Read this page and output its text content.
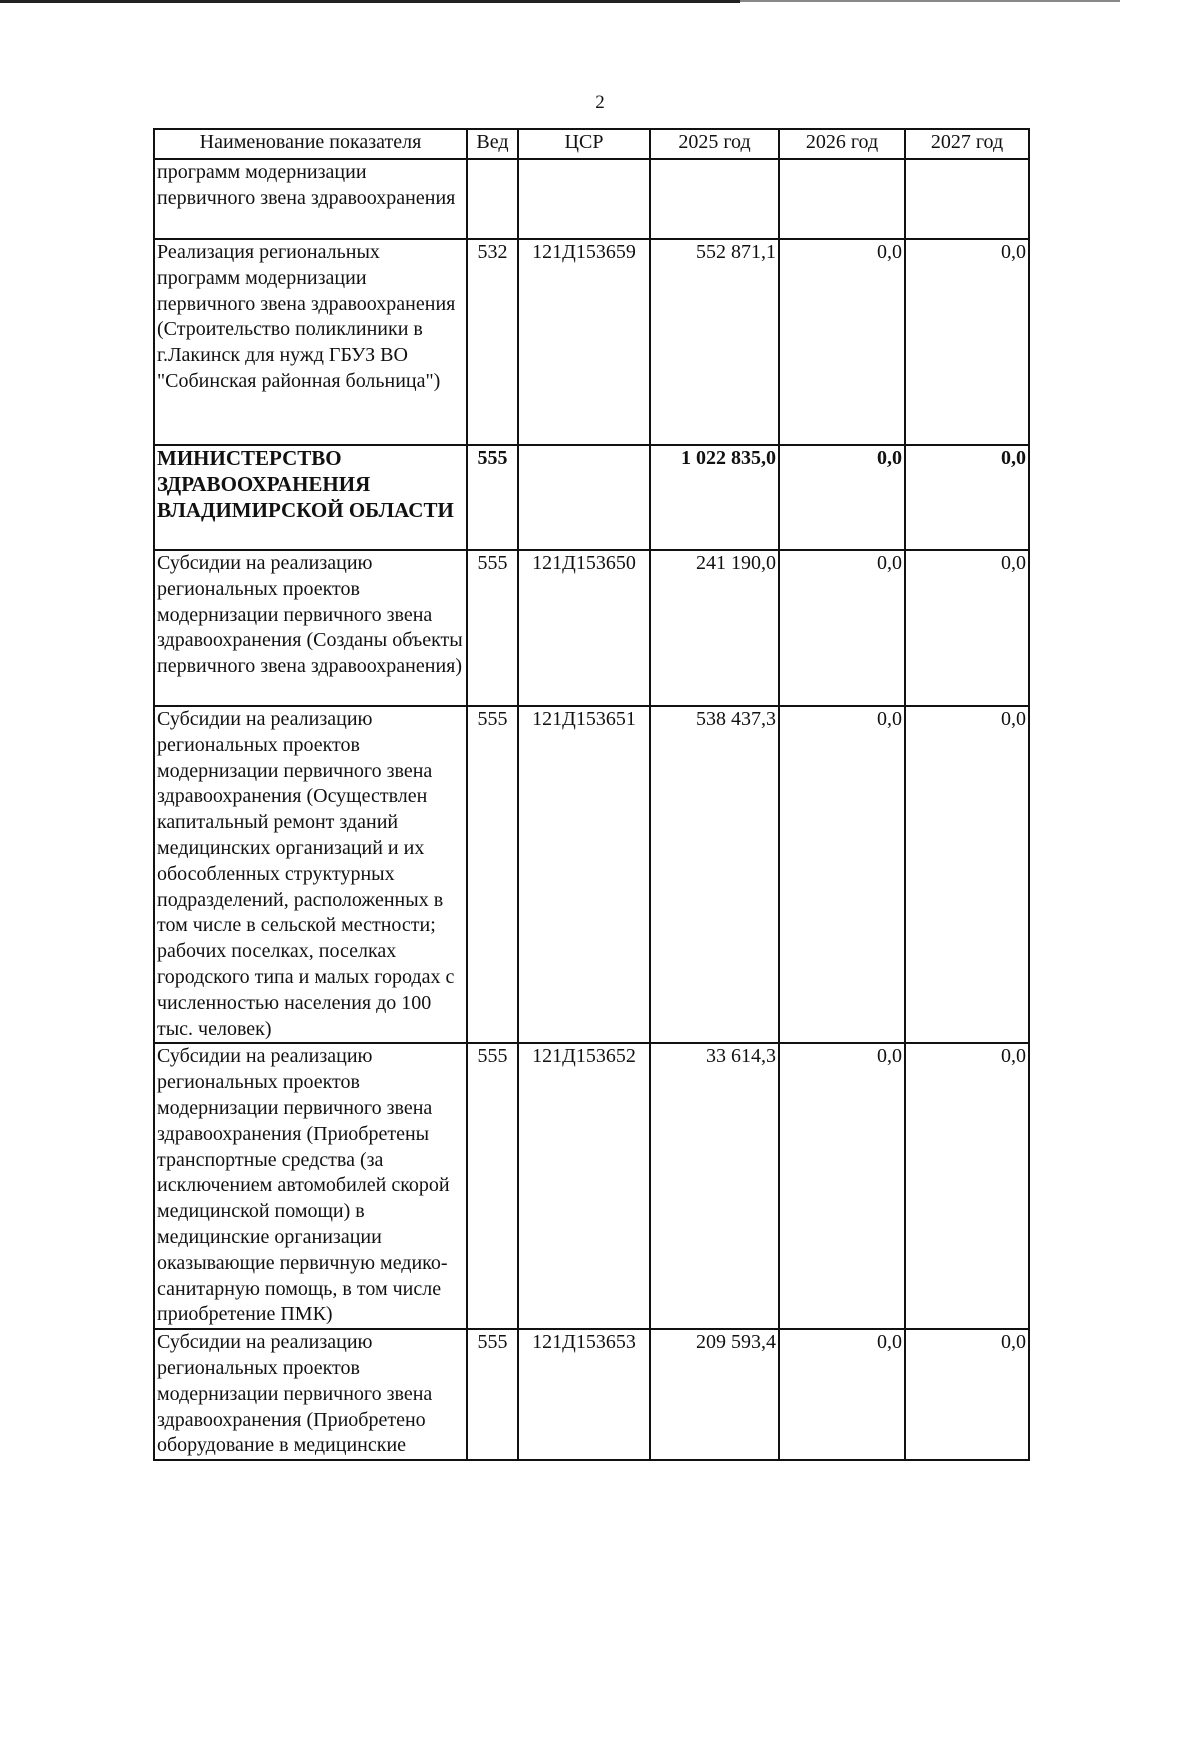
2
Наименование показателя	Вед	ЦСР	2025 год	2026 год	2027 год
программ модернизации первичного звена здравоохранения					
Реализация региональных программ модернизации первичного звена здравоохранения (Строительство поликлиники в г.Лакинск для нужд ГБУЗ ВО "Собинская районная больница")	532	121Д153659	552 871,1	0,0	0,0
МИНИСТЕРСТВО ЗДРАВООХРАНЕНИЯ ВЛАДИМИРСКОЙ ОБЛАСТИ	555		1 022 835,0	0,0	0,0
Субсидии на реализацию региональных проектов модернизации первичного звена здравоохранения (Созданы объекты первичного звена здравоохранения)	555	121Д153650	241 190,0	0,0	0,0
Субсидии на реализацию региональных проектов модернизации первичного звена здравоохранения (Осуществлен капитальный ремонт зданий медицинских организаций и их обособленных структурных подразделений, расположенных в том числе в сельской местности; рабочих поселках, поселках городского типа и малых городах с численностью населения до 100 тыс. человек)	555	121Д153651	538 437,3	0,0	0,0
Субсидии на реализацию региональных проектов модернизации первичного звена здравоохранения (Приобретены транспортные средства (за исключением автомобилей скорой медицинской помощи) в медицинские организации оказывающие первичную медико-санитарную помощь, в том числе приобретение ПМК)	555	121Д153652	33 614,3	0,0	0,0
Субсидии на реализацию региональных проектов модернизации первичного звена здравоохранения (Приобретено оборудование в медицинские	555	121Д153653	209 593,4	0,0	0,0
